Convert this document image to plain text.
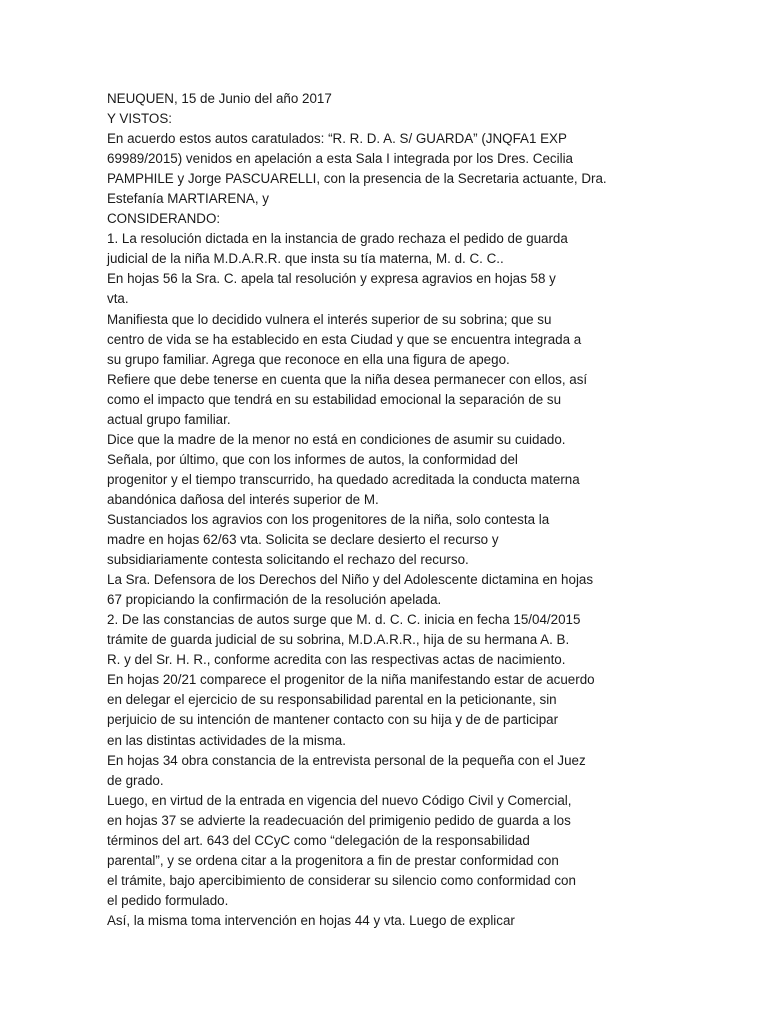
NEUQUEN, 15 de Junio del año 2017
Y VISTOS:
En acuerdo estos autos caratulados: “R. R. D. A. S/ GUARDA” (JNQFA1 EXP
69989/2015) venidos en apelación a esta Sala I integrada por los Dres. Cecilia
PAMPHILE y Jorge PASCUARELLI, con la presencia de la Secretaria actuante, Dra.
Estefanía MARTIARENA, y
CONSIDERANDO:
1. La resolución dictada en la instancia de grado rechaza el pedido de guarda
judicial de la niña M.D.A.R.R. que insta su tía materna, M. d. C. C..
En hojas 56 la Sra. C. apela tal resolución y expresa agravios en hojas 58 y
vta.
Manifiesta que lo decidido vulnera el interés superior de su sobrina; que su
centro de vida se ha establecido en esta Ciudad y que se encuentra integrada a
su grupo familiar. Agrega que reconoce en ella una figura de apego.
Refiere que debe tenerse en cuenta que la niña desea permanecer con ellos, así
como el impacto que tendrá en su estabilidad emocional la separación de su
actual grupo familiar.
Dice que la madre de la menor no está en condiciones de asumir su cuidado.
Señala, por último, que con los informes de autos, la conformidad del
progenitor y el tiempo transcurrido, ha quedado acreditada la conducta materna
abandónica dañosa del interés superior de M.
Sustanciados los agravios con los progenitores de la niña, solo contesta la
madre en hojas 62/63 vta. Solicita se declare desierto el recurso y
subsidiariamente contesta solicitando el rechazo del recurso.
La Sra. Defensora de los Derechos del Niño y del Adolescente dictamina en hojas
67 propiciando la confirmación de la resolución apelada.
2. De las constancias de autos surge que M. d. C. C. inicia en fecha 15/04/2015
trámite de guarda judicial de su sobrina, M.D.A.R.R., hija de su hermana A. B.
R. y del Sr. H. R., conforme acredita con las respectivas actas de nacimiento.
En hojas 20/21 comparece el progenitor de la niña manifestando estar de acuerdo
en delegar el ejercicio de su responsabilidad parental en la peticionante, sin
perjuicio de su intención de mantener contacto con su hija y de de participar
en las distintas actividades de la misma.
En hojas 34 obra constancia de la entrevista personal de la pequeña con el Juez
de grado.
Luego, en virtud de la entrada en vigencia del nuevo Código Civil y Comercial,
en hojas 37 se advierte la readecuación del primigenio pedido de guarda a los
términos del art. 643 del CCyC como “delegación de la responsabilidad
parental”, y se ordena citar a la progenitora a fin de prestar conformidad con
el trámite, bajo apercibimiento de considerar su silencio como conformidad con
el pedido formulado.
Así, la misma toma intervención en hojas 44 y vta. Luego de explicar
